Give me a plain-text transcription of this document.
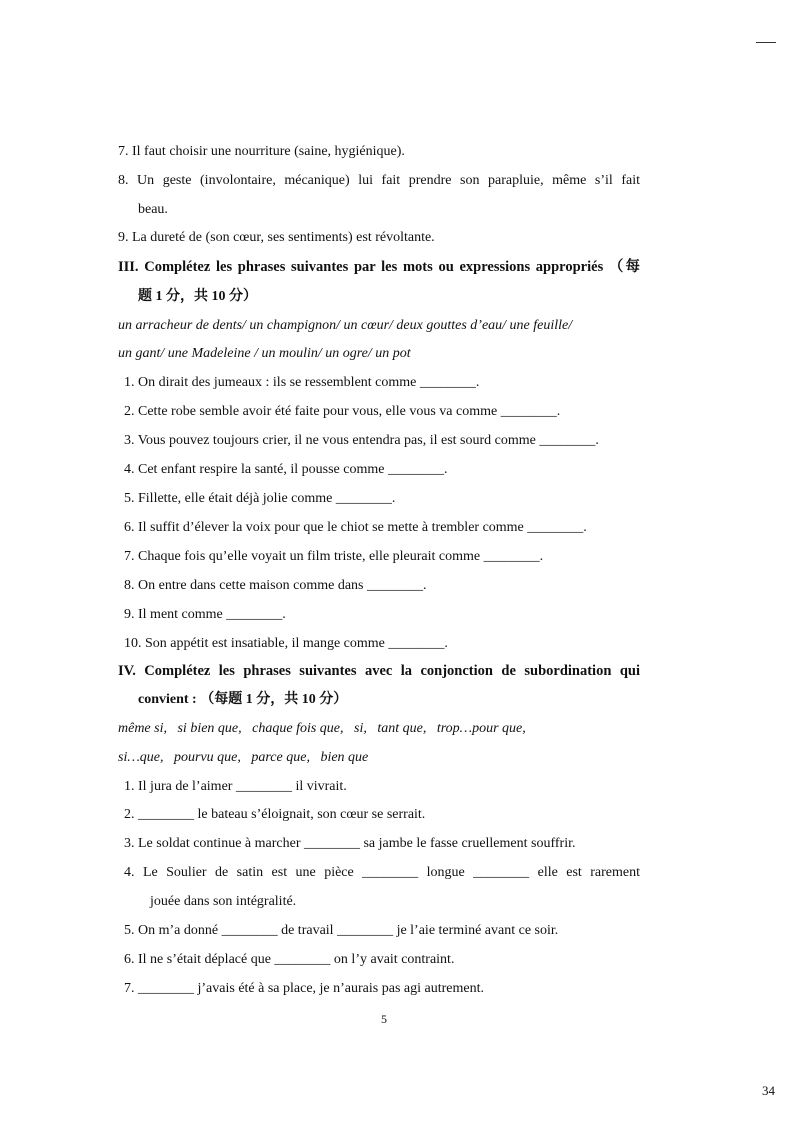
7. Il faut choisir une nourriture (saine, hygiénique).
8. Un geste (involontaire, mécanique) lui fait prendre son parapluie, même s’il fait
beau.
9. La dureté de (son cœur, ses sentiments) est révoltante.
III. Complétez les phrases suivantes par les mots ou expressions appropriés （每
题 1 分，共 10 分）
un arracheur de dents/ un champignon/ un cœur/ deux gouttes d’eau/ une feuille/
un gant/ une Madeleine / un moulin/ un ogre/ un pot
1. On dirait des jumeaux : ils se ressemblent comme ________.
2. Cette robe semble avoir été faite pour vous, elle vous va comme ________.
3. Vous pouvez toujours crier, il ne vous entendra pas, il est sourd comme ________.
4. Cet enfant respire la santé, il pousse comme ________.
5. Fillette, elle était déjà jolie comme ________.
6. Il suffit d’élever la voix pour que le chiot se mette à trembler comme ________.
7. Chaque fois qu’elle voyait un film triste, elle pleurait comme ________.
8. On entre dans cette maison comme dans ________.
9. Il ment comme ________.
10. Son appétit est insatiable, il mange comme ________.
IV. Complétez les phrases suivantes avec la conjonction de subordination qui
convient : （每题 1 分，共 10 分）
même si,   si bien que,   chaque fois que,   si,   tant que,   trop…pour que,
si…que,   pourvu que,   parce que,   bien que
1. Il jura de l’aimer ________ il vivrait.
2. ________ le bateau s’éloignait, son cœur se serrait.
3. Le soldat continue à marcher ________ sa jambe le fasse cruellement souffrir.
4. Le Soulier de satin est une pièce ________ longue ________ elle est rarement
jouée dans son intégralité.
5. On m’a donné ________ de travail ________ je l’aie terminé avant ce soir.
6. Il ne s’était déplacé que ________ on l’y avait contraint.
7. ________ j’avais été à sa place, je n’aurais pas agi autrement.
5
34
